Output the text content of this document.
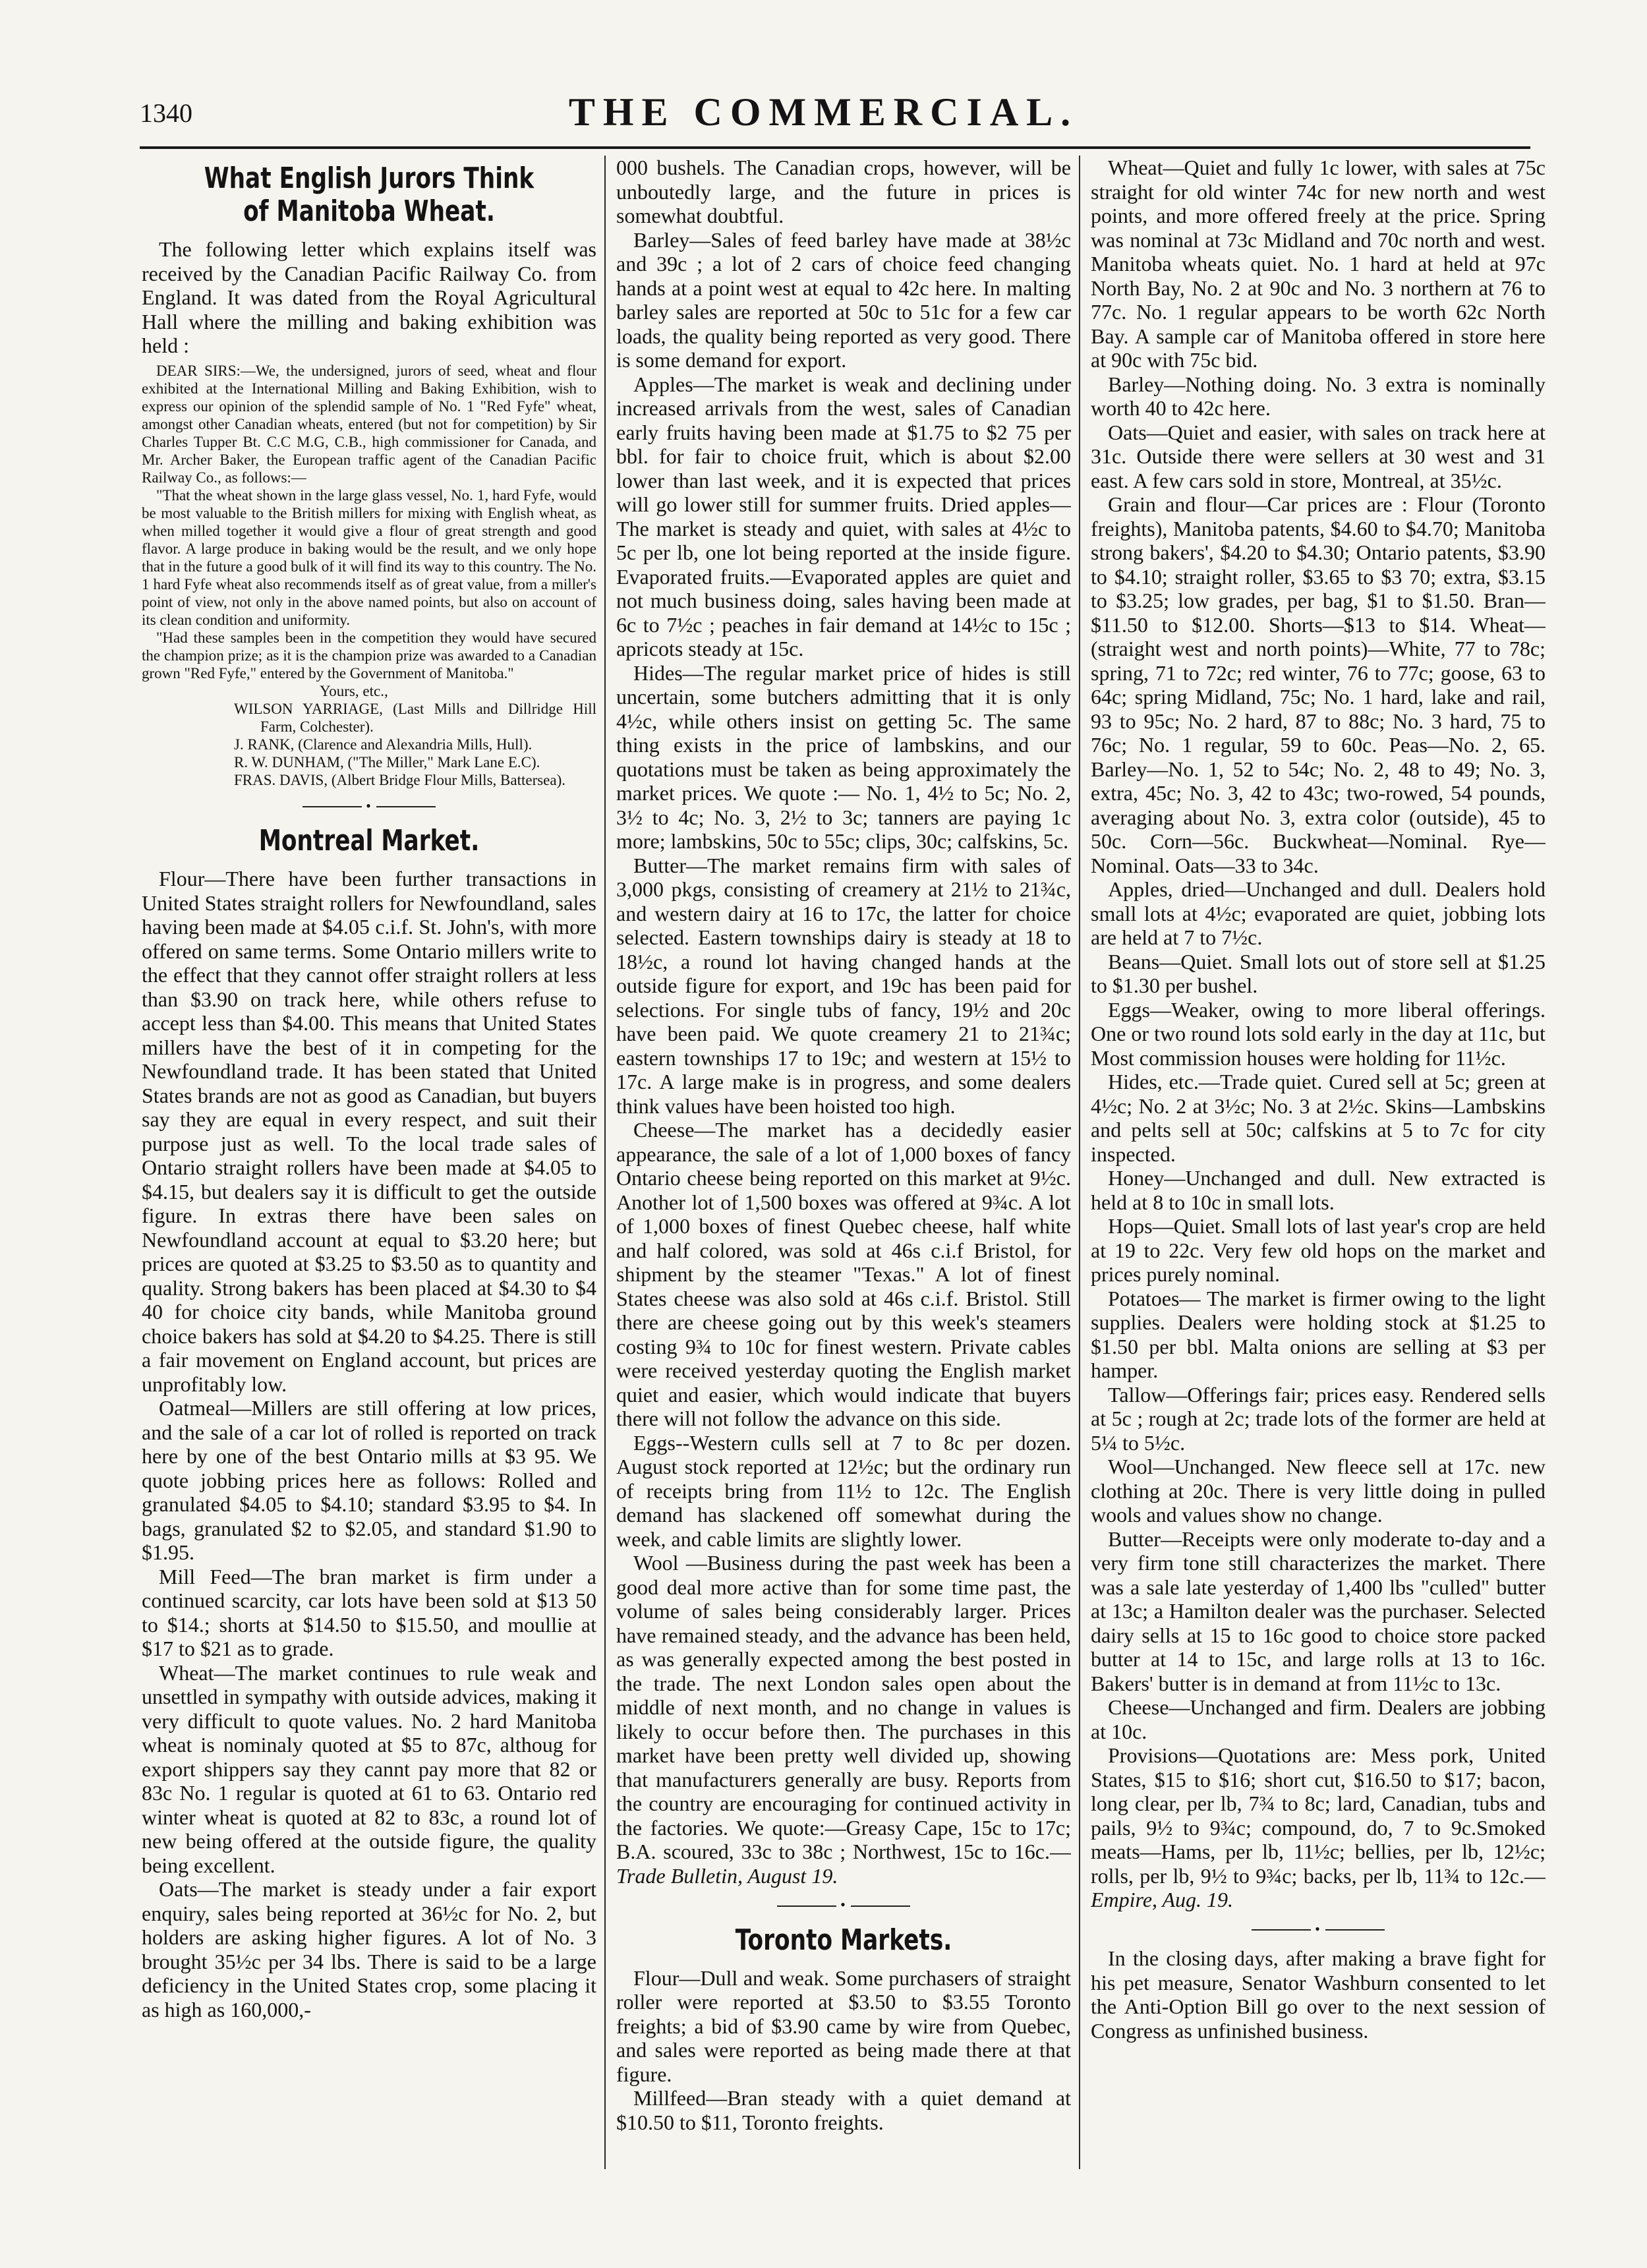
1340	THE COMMERCIAL.
What English Jurors Think of Manitoba Wheat.

The following letter which explains itself was received by the Canadian Pacific Railway Co. from England. It was dated from the Royal Agricultural Hall where the milling and baking exhibition was held :

DEAR SIRS:—We, the undersigned, jurors of seed, wheat and flour exhibited at the International Milling and Baking Exhibition, wish to express our opinion of the splendid sample of No. 1 "Red Fyfe" wheat, amongst other Canadian wheats, entered (but not for competition) by Sir Charles Tupper Bt. C.C M.G, C.B., high commissioner for Canada, and Mr. Archer Baker, the European traffic agent of the Canadian Pacific Railway Co., as follows:—

"That the wheat shown in the large glass vessel, No. 1, hard Fyfe, would be most valuable to the British millers for mixing with English wheat, as when milled together it would give a flour of great strength and good flavor. A large produce in baking would be the result, and we only hope that in the future a good bulk of it will find its way to this country. The No. 1 hard Fyfe wheat also recommends itself as of great value, from a miller's point of view, not only in the above named points, but also on account of its clean condition and uniformity.

"Had these samples been in the competition they would have secured the champion prize; as it is the champion prize was awarded to a Canadian grown "Red Fyfe," entered by the Government of Manitoba."

Yours, etc.,
WILSON YARRIAGE, (Last Mills and Dillridge Hill Farm, Colchester).
J. RANK, (Clarence and Alexandria Mills, Hull).
R. W. DUNHAM, ("The Miller," Mark Lane E.C).
FRAS. DAVIS, (Albert Bridge Flour Mills, Battersea).
•
Montreal Market.

Flour—There have been further transactions in United States straight rollers for Newfoundland, sales having been made at $4.05 c.i.f. St. John's, with more offered on same terms. Some Ontario millers write to the effect that they cannot offer straight rollers at less than $3.90 on track here, while others refuse to accept less than $4.00. This means that United States millers have the best of it in competing for the Newfoundland trade. It has been stated that United States brands are not as good as Canadian, but buyers say they are equal in every respect, and suit their purpose just as well. To the local trade sales of Ontario straight rollers have been made at $4.05 to $4.15, but dealers say it is difficult to get the outside figure. In extras there have been sales on Newfoundland account at equal to $3.20 here; but prices are quoted at $3.25 to $3.50 as to quantity and quality. Strong bakers has been placed at $4.30 to $4 40 for choice city bands, while Manitoba ground choice bakers has sold at $4.20 to $4.25. There is still a fair movement on England account, but prices are unprofitably low.

Oatmeal—Millers are still offering at low prices, and the sale of a car lot of rolled is reported on track here by one of the best Ontario mills at $3 95. We quote jobbing prices here as follows: Rolled and granulated $4.05 to $4.10; standard $3.95 to $4. In bags, granulated $2 to $2.05, and standard $1.90 to $1.95.

Mill Feed—The bran market is firm under a continued scarcity, car lots have been sold at $13 50 to $14.; shorts at $14.50 to $15.50, and moullie at $17 to $21 as to grade.

Wheat—The market continues to rule weak and unsettled in sympathy with outside advices, making it very difficult to quote values. No. 2 hard Manitoba wheat is nominaly quoted at $5 to 87c, althoug for export shippers say they cannt pay more that 82 or 83c No. 1 regular is quoted at 61 to 63. Ontario red winter wheat is quoted at 82 to 83c, a round lot of new being offered at the outside figure, the quality being excellent.

Oats—The market is steady under a fair export enquiry, sales being reported at 36½c for No. 2, but holders are asking higher figures. A lot of No. 3 brought 35½c per 34 lbs. There is said to be a large deficiency in the United States crop, some placing it as high as 160,000,-

000 bushels. The Canadian crops, however, will be unboutedly large, and the future in prices is somewhat doubtful.

Barley—Sales of feed barley have made at 38½c and 39c ; a lot of 2 cars of choice feed changing hands at a point west at equal to 42c here. In malting barley sales are reported at 50c to 51c for a few car loads, the quality being reported as very good. There is some demand for export.

Apples—The market is weak and declining under increased arrivals from the west, sales of Canadian early fruits having been made at $1.75 to $2 75 per bbl. for fair to choice fruit, which is about $2.00 lower than last week, and it is expected that prices will go lower still for summer fruits. Dried apples—The market is steady and quiet, with sales at 4½c to 5c per lb, one lot being reported at the inside figure. Evaporated fruits.—Evaporated apples are quiet and not much business doing, sales having been made at 6c to 7½c ; peaches in fair demand at 14½c to 15c ; apricots steady at 15c.

Hides—The regular market price of hides is still uncertain, some butchers admitting that it is only 4½c, while others insist on getting 5c. The same thing exists in the price of lambskins, and our quotations must be taken as being approximately the market prices. We quote :— No. 1, 4½ to 5c; No. 2, 3½ to 4c; No. 3, 2½ to 3c; tanners are paying 1c more; lambskins, 50c to 55c; clips, 30c; calfskins, 5c.

Butter—The market remains firm with sales of 3,000 pkgs, consisting of creamery at 21½ to 21¾c, and western dairy at 16 to 17c, the latter for choice selected. Eastern townships dairy is steady at 18 to 18½c, a round lot having changed hands at the outside figure for export, and 19c has been paid for selections. For single tubs of fancy, 19½ and 20c have been paid. We quote creamery 21 to 21¾c; eastern townships 17 to 19c; and western at 15½ to 17c. A large make is in progress, and some dealers think values have been hoisted too high.

Cheese—The market has a decidedly easier appearance, the sale of a lot of 1,000 boxes of fancy Ontario cheese being reported on this market at 9½c. Another lot of 1,500 boxes was offered at 9¾c. A lot of 1,000 boxes of finest Quebec cheese, half white and half colored, was sold at 46s c.i.f Bristol, for shipment by the steamer "Texas." A lot of finest States cheese was also sold at 46s c.i.f. Bristol. Still there are cheese going out by this week's steamers costing 9¾ to 10c for finest western. Private cables were received yesterday quoting the English market quiet and easier, which would indicate that buyers there will not follow the advance on this side.

Eggs--Western culls sell at 7 to 8c per dozen. August stock reported at 12½c; but the ordinary run of receipts bring from 11½ to 12c. The English demand has slackened off somewhat during the week, and cable limits are slightly lower.

Wool —Business during the past week has been a good deal more active than for some time past, the volume of sales being considerably larger. Prices have remained steady, and the advance has been held, as was generally expected among the best posted in the trade. The next London sales open about the middle of next month, and no change in values is likely to occur before then. The purchases in this market have been pretty well divided up, showing that manufacturers generally are busy. Reports from the country are encouraging for continued activity in the factories. We quote:—Greasy Cape, 15c to 17c; B.A. scoured, 33c to 38c ; Northwest, 15c to 16c.—Trade Bulletin, August 19.

•
Toronto Markets.

Flour—Dull and weak. Some purchasers of straight roller were reported at $3.50 to $3.55 Toronto freights; a bid of $3.90 came by wire from Quebec, and sales were reported as being made there at that figure.

Millfeed—Bran steady with a quiet demand at $10.50 to $11, Toronto freights.

Wheat—Quiet and fully 1c lower, with sales at 75c straight for old winter 74c for new north and west points, and more offered freely at the price. Spring was nominal at 73c Midland and 70c north and west. Manitoba wheats quiet. No. 1 hard at held at 97c North Bay, No. 2 at 90c and No. 3 northern at 76 to 77c. No. 1 regular appears to be worth 62c North Bay. A sample car of Manitoba offered in store here at 90c with 75c bid.

Barley—Nothing doing. No. 3 extra is nominally worth 40 to 42c here.

Oats—Quiet and easier, with sales on track here at 31c. Outside there were sellers at 30 west and 31 east. A few cars sold in store, Montreal, at 35½c.

Grain and flour—Car prices are : Flour (Toronto freights), Manitoba patents, $4.60 to $4.70; Manitoba strong bakers', $4.20 to $4.30; Ontario patents, $3.90 to $4.10; straight roller, $3.65 to $3 70; extra, $3.15 to $3.25; low grades, per bag, $1 to $1.50. Bran—$11.50 to $12.00. Shorts—$13 to $14. Wheat—(straight west and north points)—White, 77 to 78c; spring, 71 to 72c; red winter, 76 to 77c; goose, 63 to 64c; spring Midland, 75c; No. 1 hard, lake and rail, 93 to 95c; No. 2 hard, 87 to 88c; No. 3 hard, 75 to 76c; No. 1 regular, 59 to 60c. Peas—No. 2, 65. Barley—No. 1, 52 to 54c; No. 2, 48 to 49; No. 3, extra, 45c; No. 3, 42 to 43c; two-rowed, 54 pounds, averaging about No. 3, extra color (outside), 45 to 50c. Corn—56c. Buckwheat—Nominal. Rye—Nominal. Oats—33 to 34c.

Apples, dried—Unchanged and dull. Dealers hold small lots at 4½c; evaporated are quiet, jobbing lots are held at 7 to 7½c.

Beans—Quiet. Small lots out of store sell at $1.25 to $1.30 per bushel.

Eggs—Weaker, owing to more liberal offerings. One or two round lots sold early in the day at 11c, but Most commission houses were holding for 11½c.

Hides, etc.—Trade quiet. Cured sell at 5c; green at 4½c; No. 2 at 3½c; No. 3 at 2½c. Skins—Lambskins and pelts sell at 50c; calfskins at 5 to 7c for city inspected.

Honey—Unchanged and dull. New extracted is held at 8 to 10c in small lots.

Hops—Quiet. Small lots of last year's crop are held at 19 to 22c. Very few old hops on the market and prices purely nominal.

Potatoes— The market is firmer owing to the light supplies. Dealers were holding stock at $1.25 to $1.50 per bbl. Malta onions are selling at $3 per hamper.

Tallow—Offerings fair; prices easy. Rendered sells at 5c ; rough at 2c; trade lots of the former are held at 5¼ to 5½c.

Wool—Unchanged. New fleece sell at 17c. new clothing at 20c. There is very little doing in pulled wools and values show no change.

Butter—Receipts were only moderate to-day and a very firm tone still characterizes the market. There was a sale late yesterday of 1,400 lbs "culled" butter at 13c; a Hamilton dealer was the purchaser. Selected dairy sells at 15 to 16c good to choice store packed butter at 14 to 15c, and large rolls at 13 to 16c. Bakers' butter is in demand at from 11½c to 13c.

Cheese—Unchanged and firm. Dealers are jobbing at 10c.

Provisions—Quotations are: Mess pork, United States, $15 to $16; short cut, $16.50 to $17; bacon, long clear, per lb, 7¾ to 8c; lard, Canadian, tubs and pails, 9½ to 9¾c; compound, do, 7 to 9c.Smoked meats—Hams, per lb, 11½c; bellies, per lb, 12½c; rolls, per lb, 9½ to 9¾c; backs, per lb, 11¾ to 12c.—Empire, Aug. 19.

•

In the closing days, after making a brave fight for his pet measure, Senator Washburn consented to let the Anti-Option Bill go over to the next session of Congress as unfinished business.
